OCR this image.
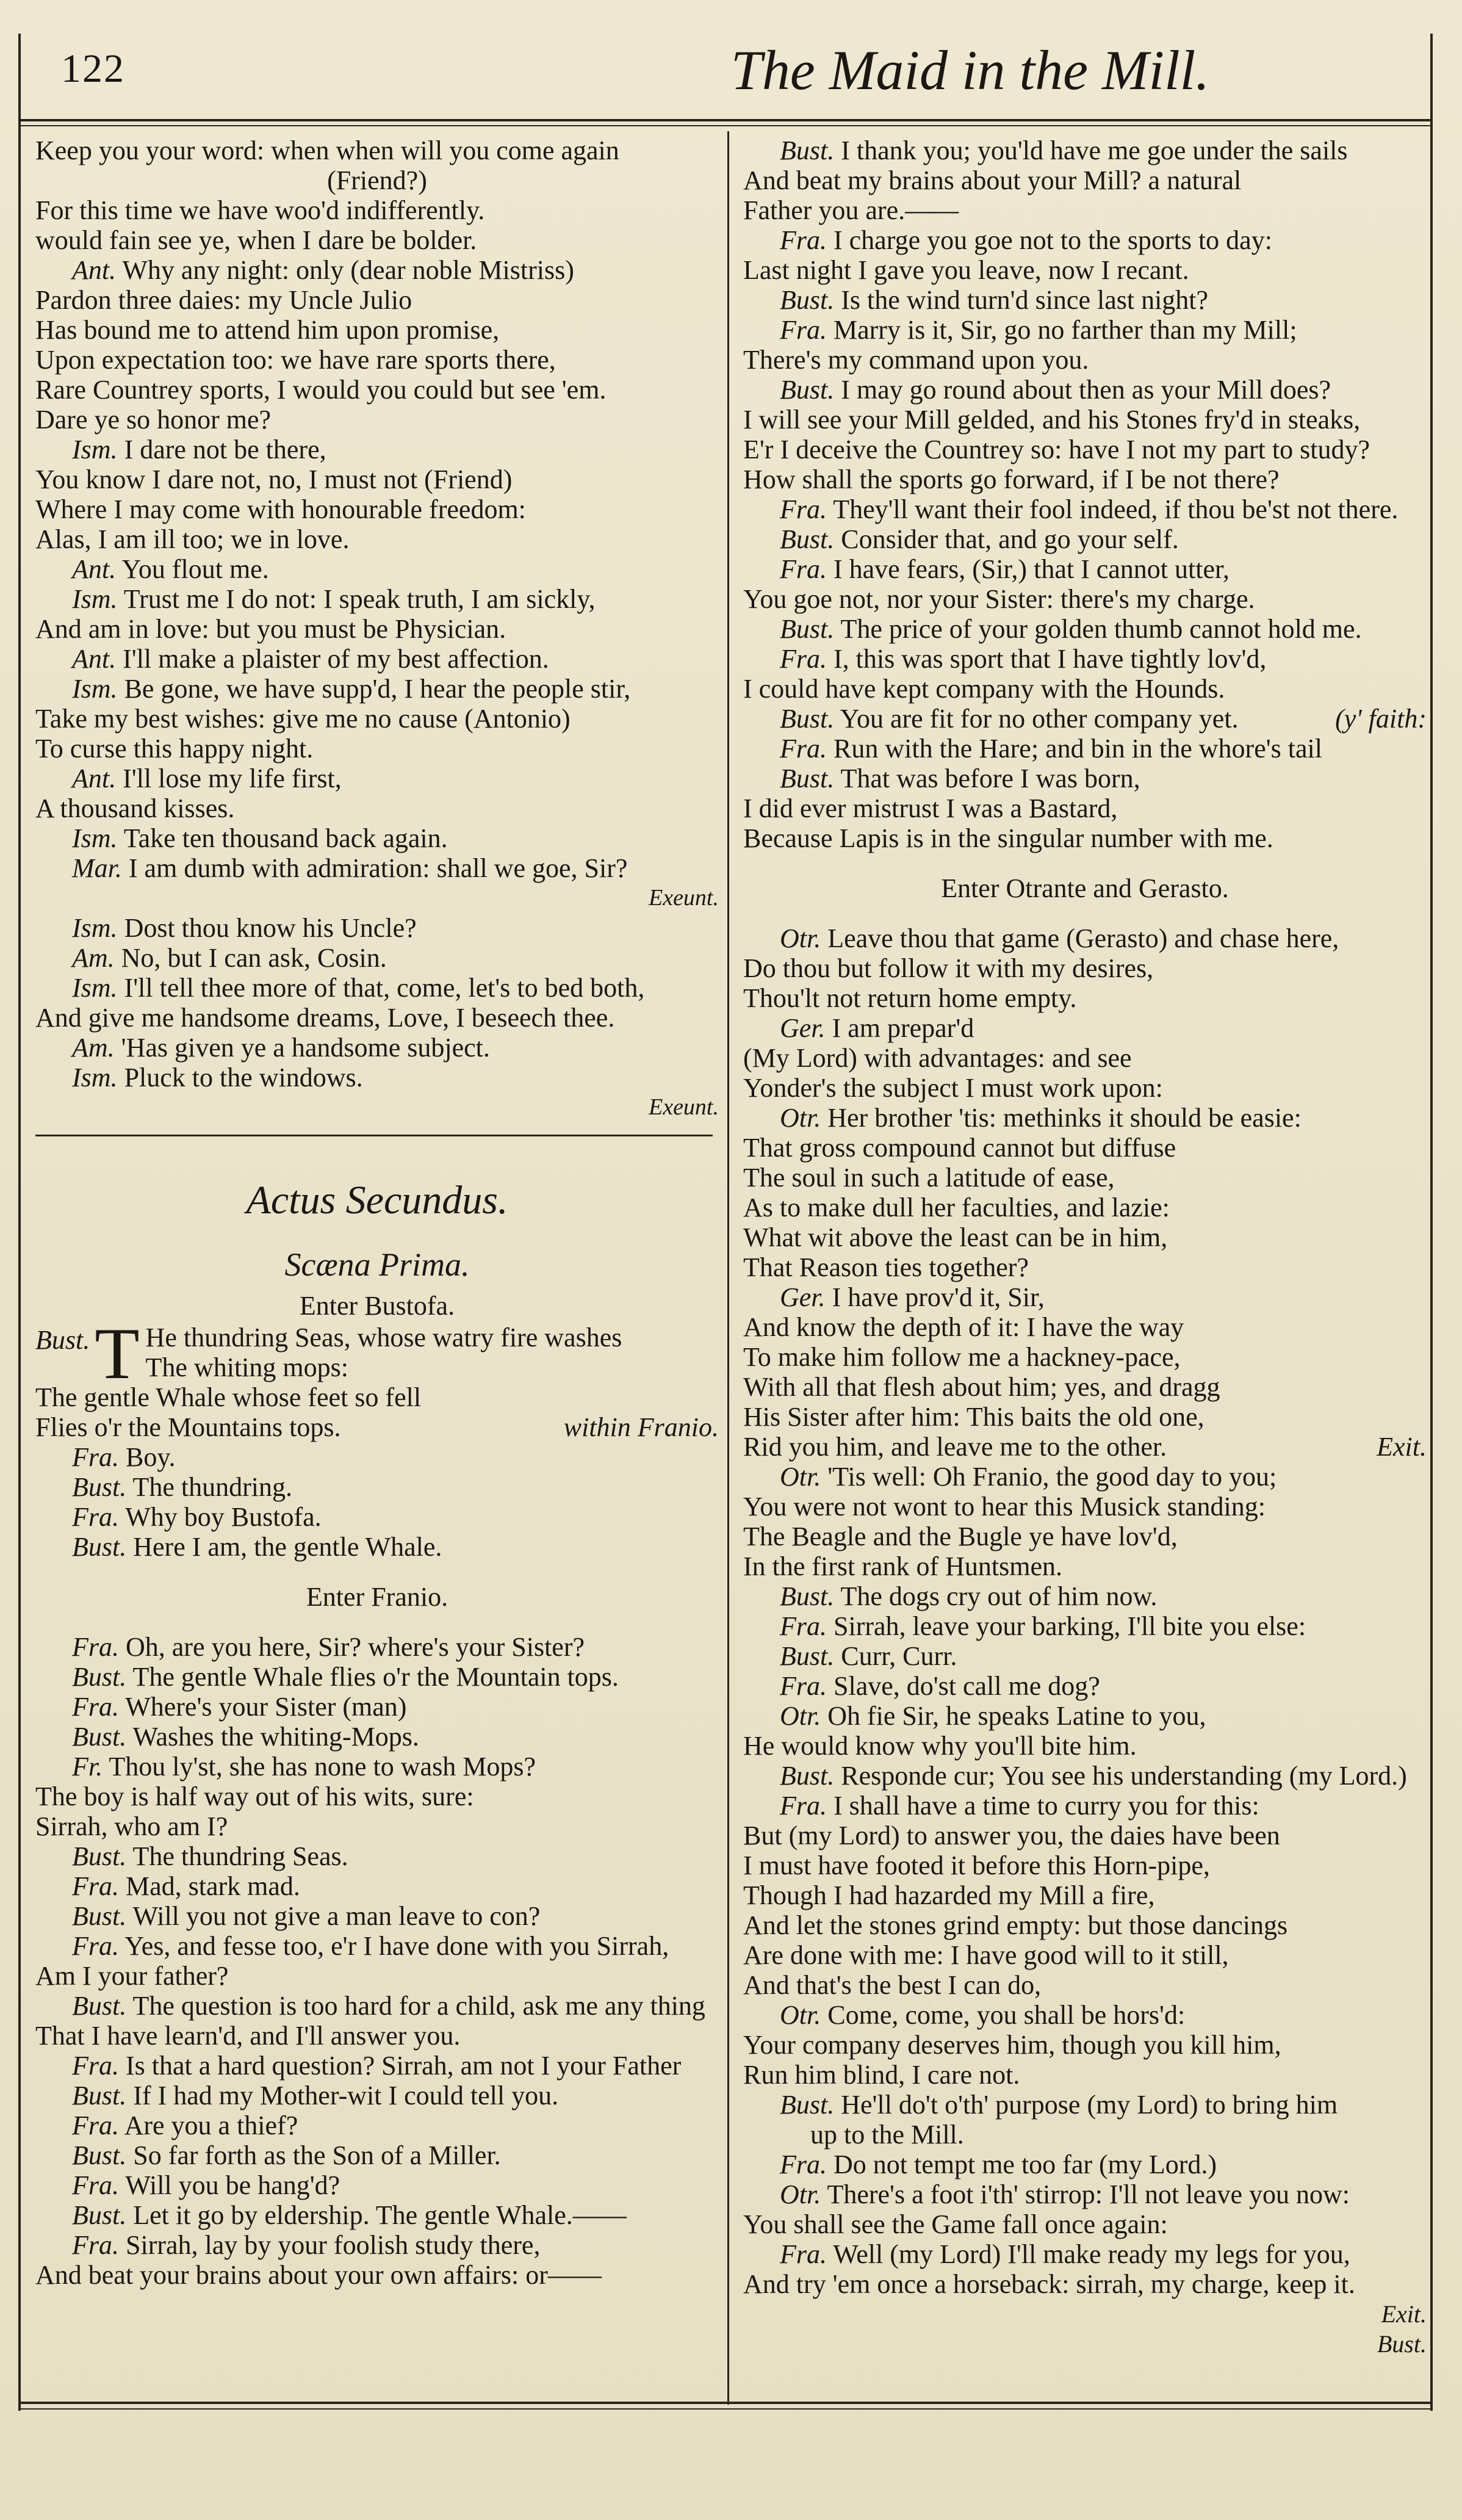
122	The Maid in the Mill.
Keep you your word: when when will you come again
(Friend?)
For this time we have woo'd indifferently.
would fain see ye, when I dare be bolder.
Ant. Why any night: only (dear noble Mistriss)
Pardon three daies: my Uncle Julio
Has bound me to attend him upon promise,
Upon expectation too: we have rare sports there,
Rare Countrey sports, I would you could but see 'em.
Dare ye so honor me?
Ism. I dare not be there,
You know I dare not, no, I must not (Friend)
Where I may come with honourable freedom:
Alas, I am ill too; we in love.
Ant. You flout me.
Ism. Trust me I do not: I speak truth, I am sickly,
And am in love: but you must be Physician.
Ant. I'll make a plaister of my best affection.
Ism. Be gone, we have supp'd, I hear the people stir,
Take my best wishes: give me no cause (Antonio)
To curse this happy night.
Ant. I'll lose my life first,
A thousand kisses.
Ism. Take ten thousand back again.
Mar. I am dumb with admiration: shall we goe, Sir?
Exeunt.
Ism. Dost thou know his Uncle?
Am. No, but I can ask, Cosin.
Ism. I'll tell thee more of that, come, let's to bed both,
And give me handsome dreams, Love, I beseech thee.
Am. 'Has given ye a handsome subject.
Ism. Pluck to the windows.
Exeunt.
Actus Secundus.
Scæna Prima.
Enter Bustofa.
Bust. T He thundring Seas, whose watry fire washes
The whiting mops:
The gentle Whale whose feet so fell
Flies o'r the Mountains tops.	within Franio.
Fra. Boy.
Bust. The thundring.
Fra. Why boy Bustofa.
Bust. Here I am, the gentle Whale.
Enter Franio.
Fra. Oh, are you here, Sir? where's your Sister?
Bust. The gentle Whale flies o'r the Mountain tops.
Fra. Where's your Sister (man)
Bust. Washes the whiting-Mops.
Fr. Thou ly'st, she has none to wash Mops?
The boy is half way out of his wits, sure:
Sirrah, who am I?
Bust. The thundring Seas.
Fra. Mad, stark mad.
Bust. Will you not give a man leave to con?
Fra. Yes, and fesse too, e'r I have done with you Sirrah,
Am I your father?
Bust. The question is too hard for a child, ask me any thing
That I have learn'd, and I'll answer you.
Fra. Is that a hard question? Sirrah, am not I your Father
Bust. If I had my Mother-wit I could tell you.
Fra. Are you a thief?
Bust. So far forth as the Son of a Miller.
Fra. Will you be hang'd?
Bust. Let it go by eldership. The gentle Whale.——
Fra. Sirrah, lay by your foolish study there,
And beat your brains about your own affairs: or——
Bust. I thank you; you'ld have me goe under the sails
And beat my brains about your Mill? a natural
Father you are.——
Fra. I charge you goe not to the sports to day:
Last night I gave you leave, now I recant.
Bust. Is the wind turn'd since last night?
Fra. Marry is it, Sir, go no farther than my Mill;
There's my command upon you.
Bust. I may go round about then as your Mill does?
I will see your Mill gelded, and his Stones fry'd in steaks,
E'r I deceive the Countrey so: have I not my part to study?
How shall the sports go forward, if I be not there?
Fra. They'll want their fool indeed, if thou be'st not there.
Bust. Consider that, and go your self.
Fra. I have fears, (Sir,) that I cannot utter,
You goe not, nor your Sister: there's my charge.
Bust. The price of your golden thumb cannot hold me.
Fra. I, this was sport that I have tightly lov'd,
I could have kept company with the Hounds.
Bust. You are fit for no other company yet.	(y' faith:
Fra. Run with the Hare; and bin in the whore's tail
Bust. That was before I was born,
I did ever mistrust I was a Bastard,
Because Lapis is in the singular number with me.
Enter Otrante and Gerasto.
Otr. Leave thou that game (Gerasto) and chase here,
Do thou but follow it with my desires,
Thou'lt not return home empty.
Ger. I am prepar'd
(My Lord) with advantages: and see
Yonder's the subject I must work upon:
Otr. Her brother 'tis: methinks it should be easie:
That gross compound cannot but diffuse
The soul in such a latitude of ease,
As to make dull her faculties, and lazie:
What wit above the least can be in him,
That Reason ties together?
Ger. I have prov'd it, Sir,
And know the depth of it: I have the way
To make him follow me a hackney-pace,
With all that flesh about him; yes, and dragg
His Sister after him: This baits the old one,
Rid you him, and leave me to the other.	Exit.
Otr. 'Tis well: Oh Franio, the good day to you;
You were not wont to hear this Musick standing:
The Beagle and the Bugle ye have lov'd,
In the first rank of Huntsmen.
Bust. The dogs cry out of him now.
Fra. Sirrah, leave your barking, I'll bite you else:
Bust. Curr, Curr.
Fra. Slave, do'st call me dog?
Otr. Oh fie Sir, he speaks Latine to you,
He would know why you'll bite him.
Bust. Responde cur; You see his understanding (my Lord.)
Fra. I shall have a time to curry you for this:
But (my Lord) to answer you, the daies have been
I must have footed it before this Horn-pipe,
Though I had hazarded my Mill a fire,
And let the stones grind empty: but those dancings
Are done with me: I have good will to it still,
And that's the best I can do,
Otr. Come, come, you shall be hors'd:
Your company deserves him, though you kill him,
Run him blind, I care not.
Bust. He'll do't o'th' purpose (my Lord) to bring him
up to the Mill.
Fra. Do not tempt me too far (my Lord.)
Otr. There's a foot i'th' stirrop: I'll not leave you now:
You shall see the Game fall once again:
Fra. Well (my Lord) I'll make ready my legs for you,
And try 'em once a horseback: sirrah, my charge, keep it.
Exit.
Bust.
